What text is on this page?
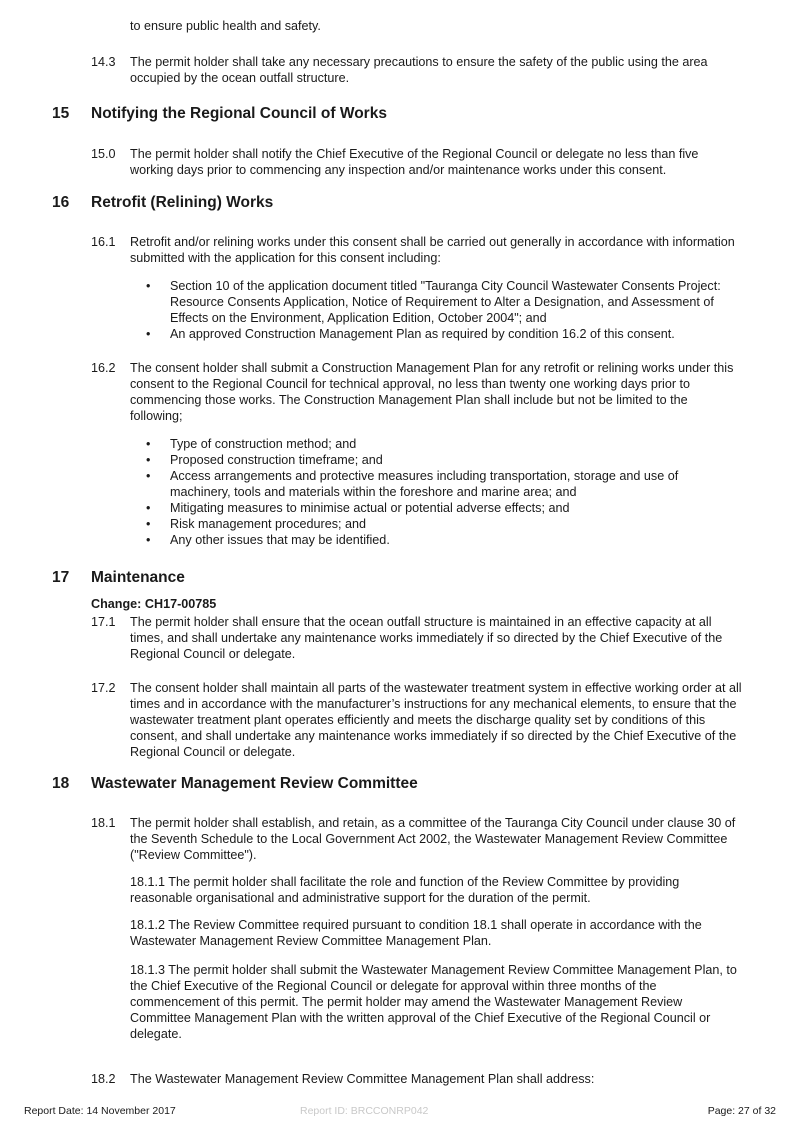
to ensure public health and safety.

14.3 The permit holder shall take any necessary precautions to ensure the safety of the public using the area occupied by the ocean outfall structure.

15 Notifying the Regional Council of Works
15.0 The permit holder shall notify the Chief Executive of the Regional Council or delegate no less than five working days prior to commencing any inspection and/or maintenance works under this consent.

16 Retrofit (Relining) Works
16.1 Retrofit and/or relining works under this consent shall be carried out generally in accordance with information submitted with the application for this consent including:

• Section 10 of the application document titled "Tauranga City Council Wastewater Consents Project: Resource Consents Application, Notice of Requirement to Alter a Designation, and Assessment of Effects on the Environment, Application Edition, October 2004"; and
• An approved Construction Management Plan as required by condition 16.2 of this consent.
16.2 The consent holder shall submit a Construction Management Plan for any retrofit or relining works under this consent to the Regional Council for technical approval, no less than twenty one working days prior to commencing those works. The Construction Management Plan shall include but not be limited to the following;

• Type of construction method; and
• Proposed construction timeframe; and
• Access arrangements and protective measures including transportation, storage and use of machinery, tools and materials within the foreshore and marine area; and
• Mitigating measures to minimise actual or potential adverse effects; and
• Risk management procedures; and
• Any other issues that may be identified.
17 Maintenance
Change: CH17-00785
17.1 The permit holder shall ensure that the ocean outfall structure is maintained in an effective capacity at all times, and shall undertake any maintenance works immediately if so directed by the Chief Executive of the Regional Council or delegate.

17.2 The consent holder shall maintain all parts of the wastewater treatment system in effective working order at all times and in accordance with the manufacturer’s instructions for any mechanical elements, to ensure that the wastewater treatment plant operates efficiently and meets the discharge quality set by conditions of this consent, and shall undertake any maintenance works immediately if so directed by the Chief Executive of the Regional Council or delegate.

18 Wastewater Management Review Committee
18.1 The permit holder shall establish, and retain, as a committee of the Tauranga City Council under clause 30 of the Seventh Schedule to the Local Government Act 2002, the Wastewater Management Review Committee ("Review Committee").

18.1.1 The permit holder shall facilitate the role and function of the Review Committee by providing reasonable organisational and administrative support for the duration of the permit.

18.1.2 The Review Committee required pursuant to condition 18.1 shall operate in accordance with the Wastewater Management Review Committee Management Plan.

18.1.3 The permit holder shall submit the Wastewater Management Review Committee Management Plan, to the Chief Executive of the Regional Council or delegate for approval within three months of the commencement of this permit. The permit holder may amend the Wastewater Management Review Committee Management Plan with the written approval of the Chief Executive of the Regional Council or delegate.

18.2 The Wastewater Management Review Committee Management Plan shall address:

Report Date: 14 November 2017	Report ID: BRCCONRP042	Page: 27 of 32
